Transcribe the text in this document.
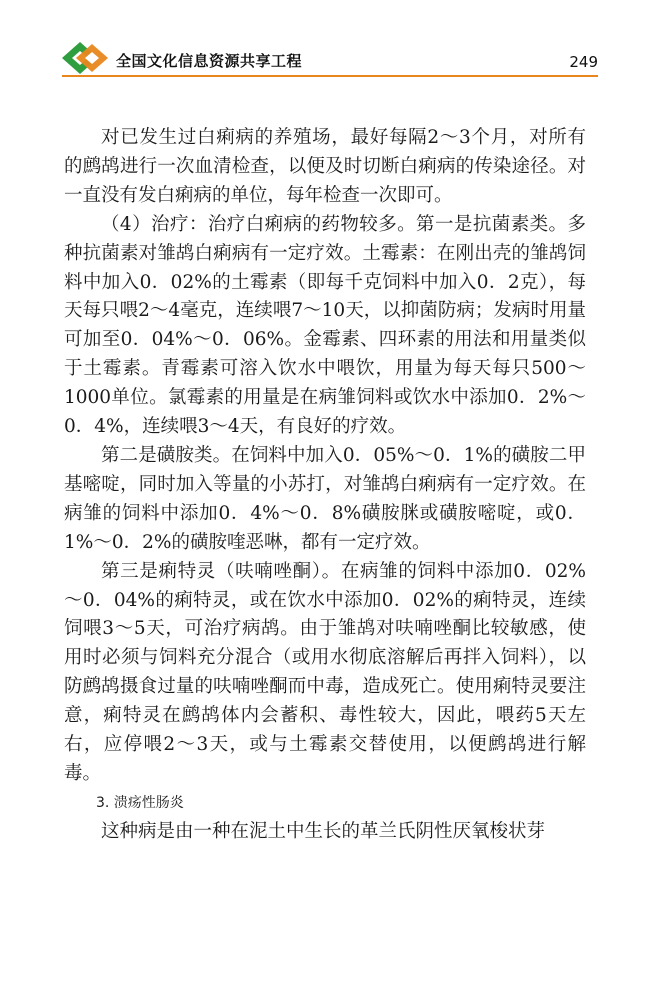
全国文化信息资源共享工程	249

对已发生过白痢病的养殖场，最好每隔2～3个月，对所有的鹧鸪进行一次血清检查，以便及时切断白痢病的传染途径。对一直没有发白痢病的单位，每年检查一次即可。

（4）治疗：治疗白痢病的药物较多。第一是抗菌素类。多种抗菌素对雏鸪白痢病有一定疗效。土霉素：在刚出壳的雏鸪饲料中加入0．02%的土霉素（即每千克饲料中加入0．2克），每天每只喂2～4毫克，连续喂7～10天，以抑菌防病；发病时用量可加至0．04%～0．06%。金霉素、四环素的用法和用量类似于土霉素。青霉素可溶入饮水中喂饮，用量为每天每只500～1000单位。氯霉素的用量是在病雏饲料或饮水中添加0．2%～0．4%，连续喂3～4天，有良好的疗效。

第二是磺胺类。在饲料中加入0．05%～0．1%的磺胺二甲基嘧啶，同时加入等量的小苏打，对雏鸪白痢病有一定疗效。在病雏的饲料中添加0．4%～0．8%磺胺脒或磺胺嘧啶，或0．1%～0．2%的磺胺喹恶啉，都有一定疗效。

第三是痢特灵（呋喃唑酮）。在病雏的饲料中添加0．02%～0．04%的痢特灵，或在饮水中添加0．02%的痢特灵，连续饲喂3～5天，可治疗病鸪。由于雏鸪对呋喃唑酮比较敏感，使用时必须与饲料充分混合（或用水彻底溶解后再拌入饲料），以防鹧鸪摄食过量的呋喃唑酮而中毒，造成死亡。使用痢特灵要注意，痢特灵在鹧鸪体内会蓄积、毒性较大，因此，喂药5天左右，应停喂2～3天，或与土霉素交替使用，以便鹧鸪进行解毒。

3. 溃疡性肠炎

这种病是由一种在泥土中生长的革兰氏阴性厌氧梭状芽
